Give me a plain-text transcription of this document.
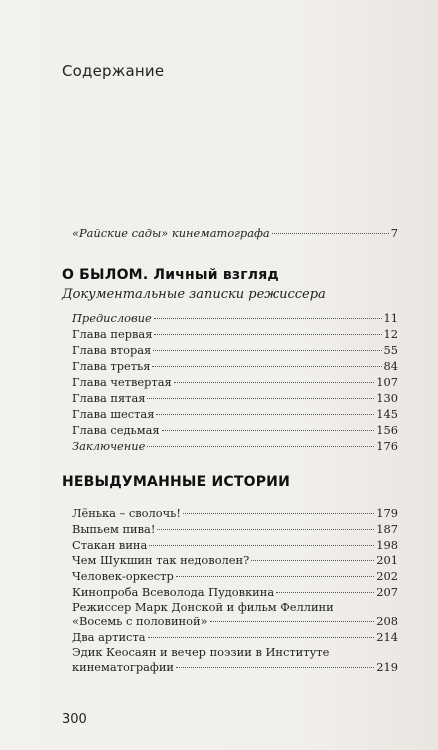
Содержание
«Райские сады» кинематографа	7
О БЫЛОМ. Личный взгляд
Документальные записки режиссера
Предисловие	11
Глава первая	12
Глава вторая	55
Глава третья	84
Глава четвертая	107
Глава пятая	130
Глава шестая	145
Глава седьмая	156
Заключение	176
НЕВЫДУМАННЫЕ ИСТОРИИ
Лёнька – сволочь!	179
Выпьем пива!	187
Стакан вина	198
Чем Шукшин так недоволен?	201
Человек-оркестр	202
Кинопроба Всеволода Пудовкина	207
Режиссер Марк Донской и фильм Феллини
«Восемь с половиной»	208
Два артиста	214
Эдик Кеосаян и вечер поэзии в Институте
кинематографии	219
300
